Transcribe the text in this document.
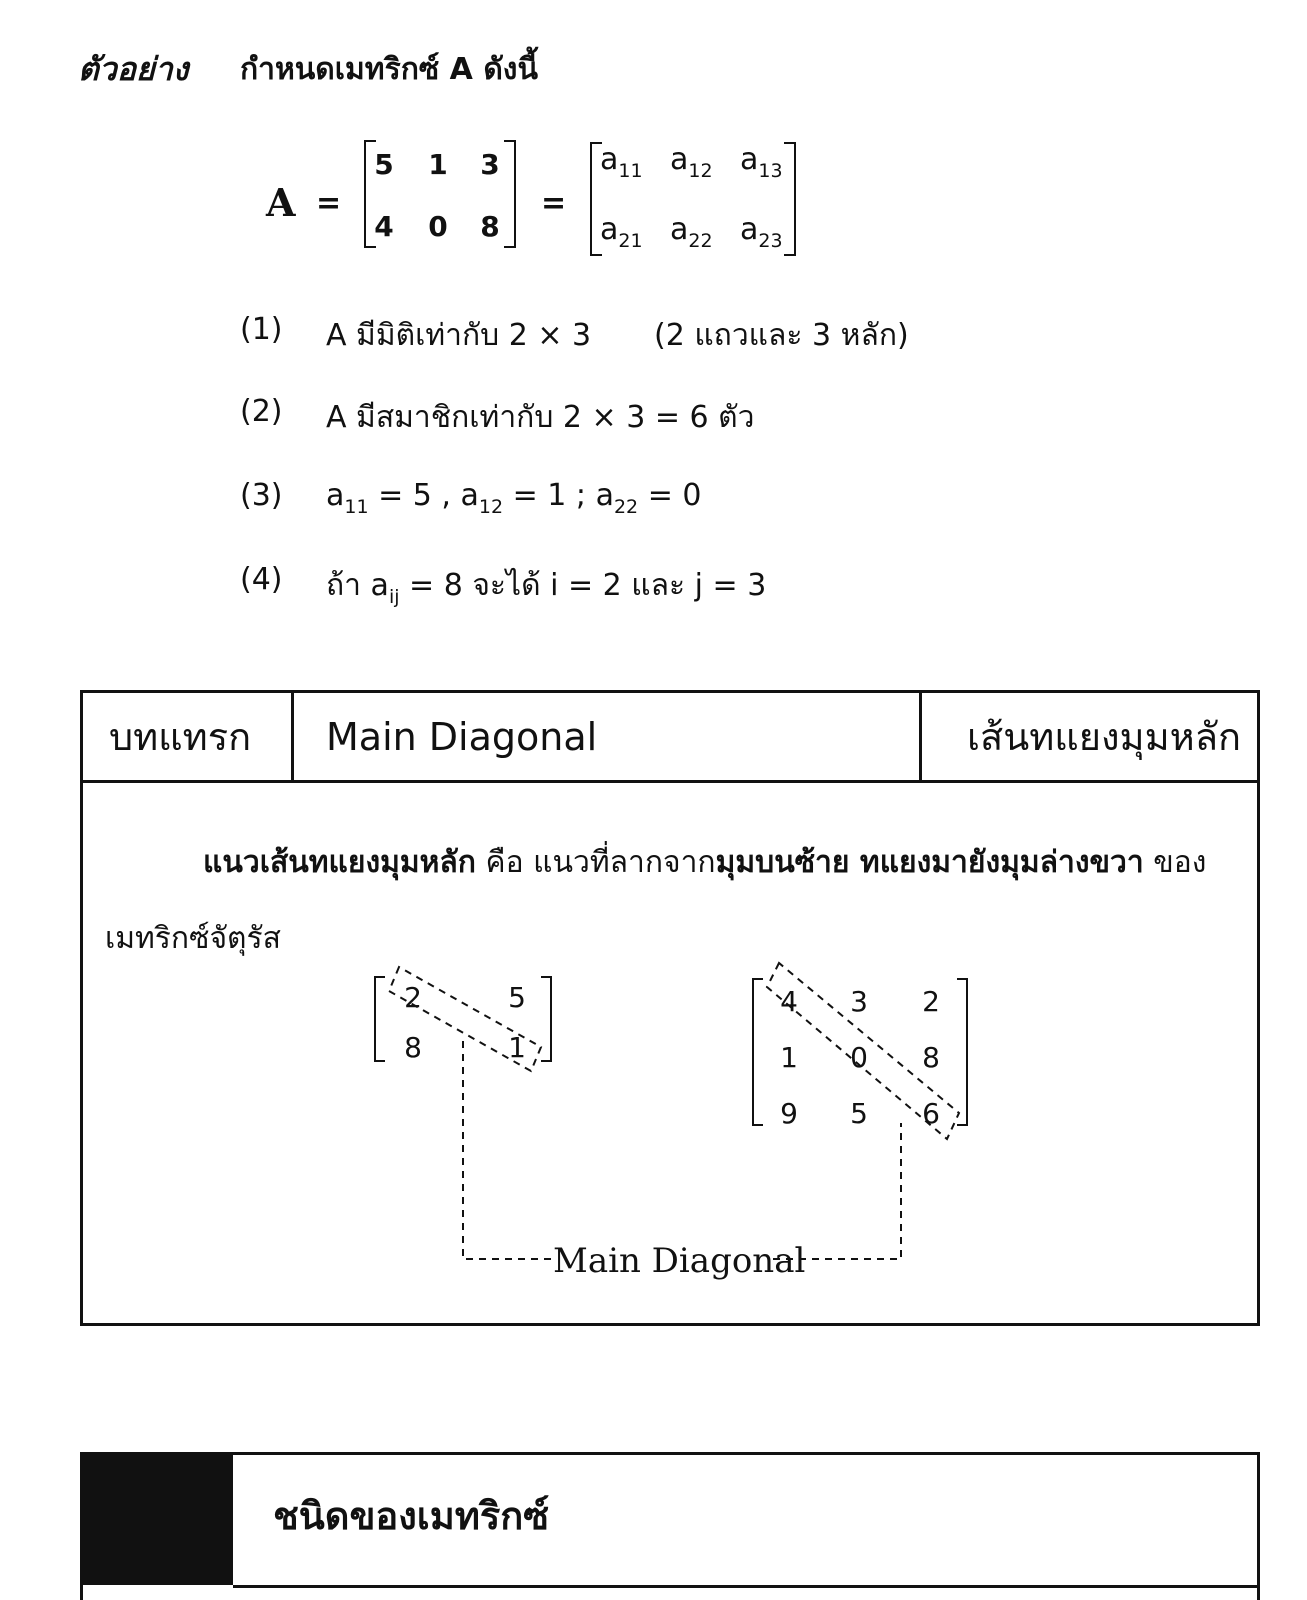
ตัวอย่าง กำหนดเมทริกซ์ A ดังนี้
A =	=
5 1 3
4 0 8
$a_{11}$ $a_{12}$ $a_{13}$
$a_{21}$ $a_{22}$ $a_{23}$
(1) A มีมิติเท่ากับ 2 × 3 (2 แถวและ 3 หลัก)
(2) A มีสมาชิกเท่ากับ 2 × 3 = 6 ตัว
(3) $a_{11} = 5$ , $a_{12} = 1$ ; $a_{22} = 0$
(4) ถ้า $a_{ij} = 8$ จะได้ i = 2 และ j = 3
บทแทรก	Main Diagonal	เส้นทแยงมุมหลัก
แนวเส้นทแยงมุมหลัก คือ แนวที่ลากจากมุมบนซ้าย ทแยงมายังมุมล่างขวา ของ
เมทริกซ์จัตุรัส
2	5
8	1
4 3 2
1 0 8
9 5 6
Main Diagonal
ชนิดของเมทริกซ์
